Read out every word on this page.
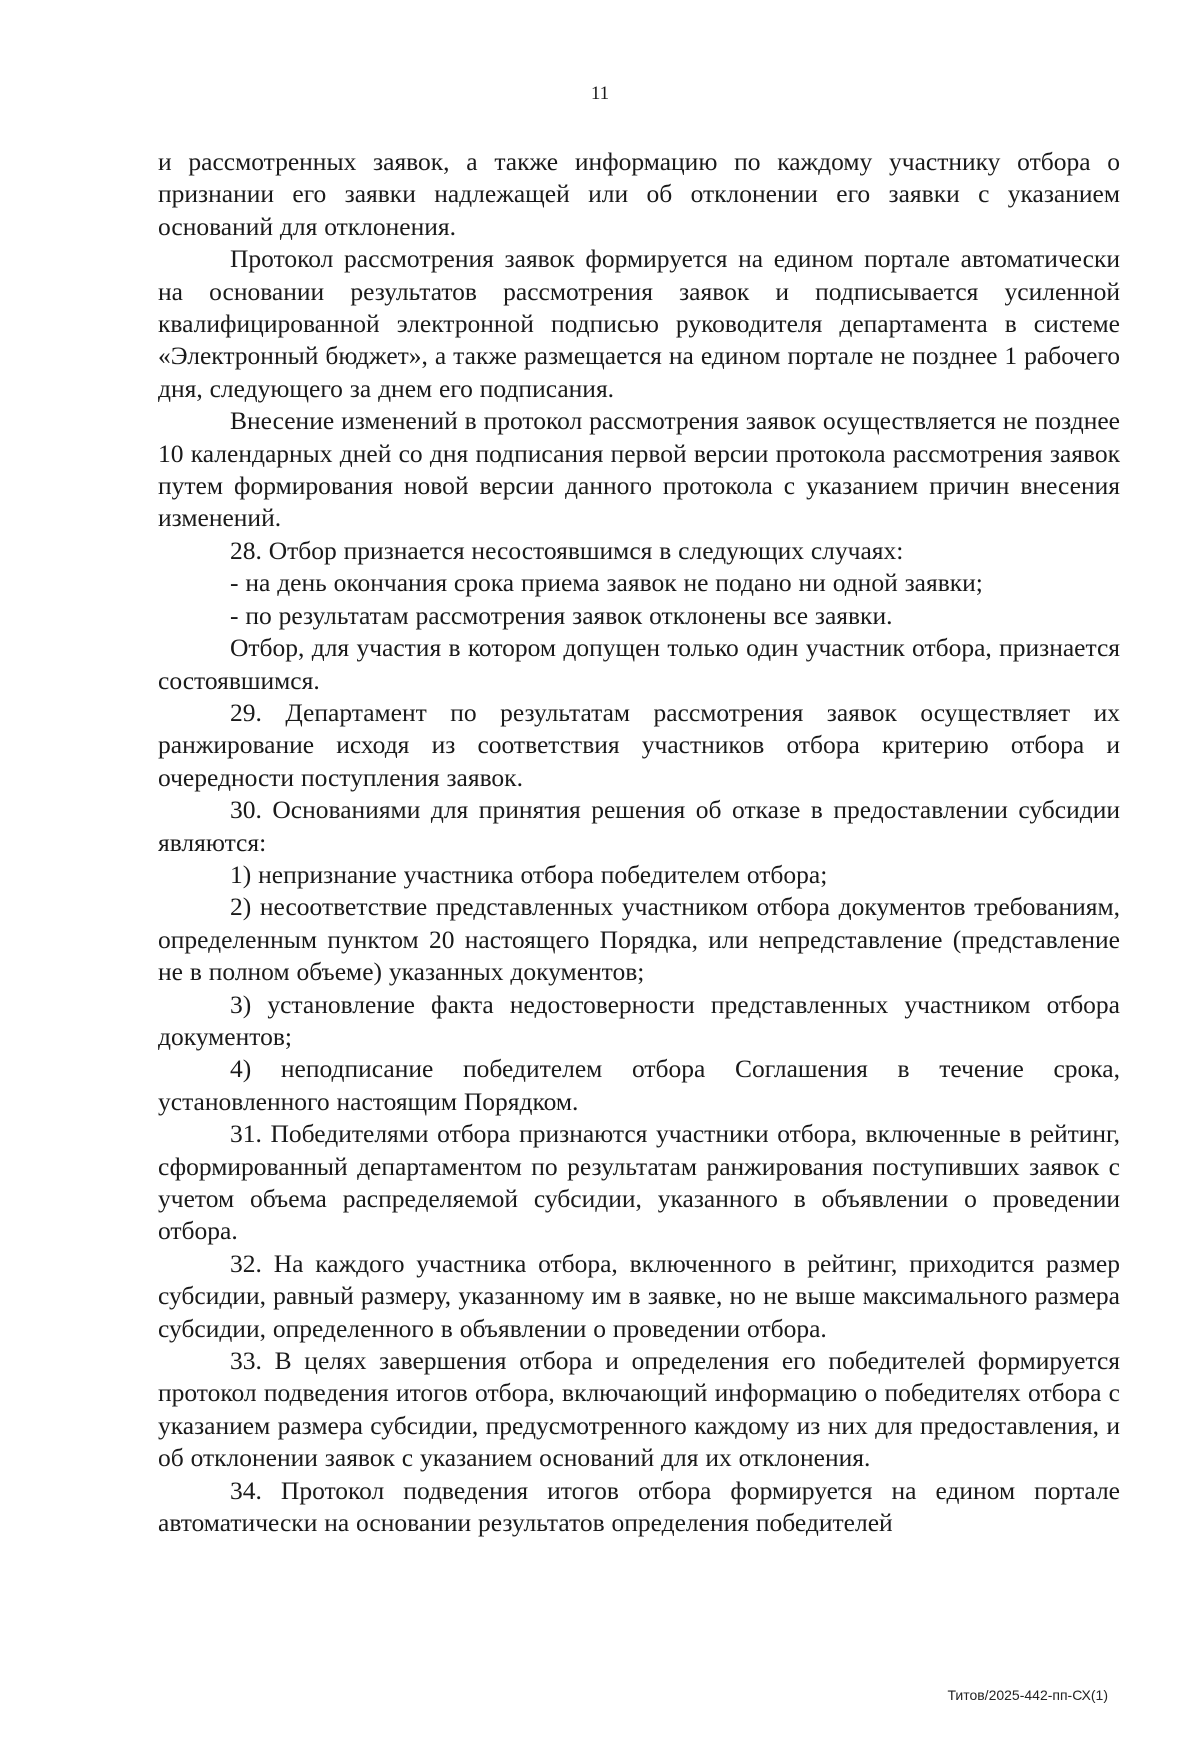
11

и рассмотренных заявок, а также информацию по каждому участнику отбора о признании его заявки надлежащей или об отклонении его заявки с указанием оснований для отклонения.

Протокол рассмотрения заявок формируется на едином портале автоматически на основании результатов рассмотрения заявок и подписывается усиленной квалифицированной электронной подписью руководителя департамента в системе «Электронный бюджет», а также размещается на едином портале не позднее 1 рабочего дня, следующего за днем его подписания.

Внесение изменений в протокол рассмотрения заявок осуществляется не позднее 10 календарных дней со дня подписания первой версии протокола рассмотрения заявок путем формирования новой версии данного протокола с указанием причин внесения изменений.

28. Отбор признается несостоявшимся в следующих случаях:

- на день окончания срока приема заявок не подано ни одной заявки;

- по результатам рассмотрения заявок отклонены все заявки.

Отбор, для участия в котором допущен только один участник отбора, признается состоявшимся.

29. Департамент по результатам рассмотрения заявок осуществляет их ранжирование исходя из соответствия участников отбора критерию отбора и очередности поступления заявок.

30. Основаниями для принятия решения об отказе в предоставлении субсидии являются:

1) непризнание участника отбора победителем отбора;

2) несоответствие представленных участником отбора документов требованиям, определенным пунктом 20 настоящего Порядка, или непредставление (представление не в полном объеме) указанных документов;

3) установление факта недостоверности представленных участником отбора документов;

4) неподписание победителем отбора Соглашения в течение срока, установленного настоящим Порядком.

31. Победителями отбора признаются участники отбора, включенные в рейтинг, сформированный департаментом по результатам ранжирования поступивших заявок с учетом объема распределяемой субсидии, указанного в объявлении о проведении отбора.

32. На каждого участника отбора, включенного в рейтинг, приходится размер субсидии, равный размеру, указанному им в заявке, но не выше максимального размера субсидии, определенного в объявлении о проведении отбора.

33. В целях завершения отбора и определения его победителей формируется протокол подведения итогов отбора, включающий информацию о победителях отбора с указанием размера субсидии, предусмотренного каждому из них для предоставления, и об отклонении заявок с указанием оснований для их отклонения.

34. Протокол подведения итогов отбора формируется на едином портале автоматически на основании результатов определения победителей

Титов/2025-442-пп-СХ(1)
